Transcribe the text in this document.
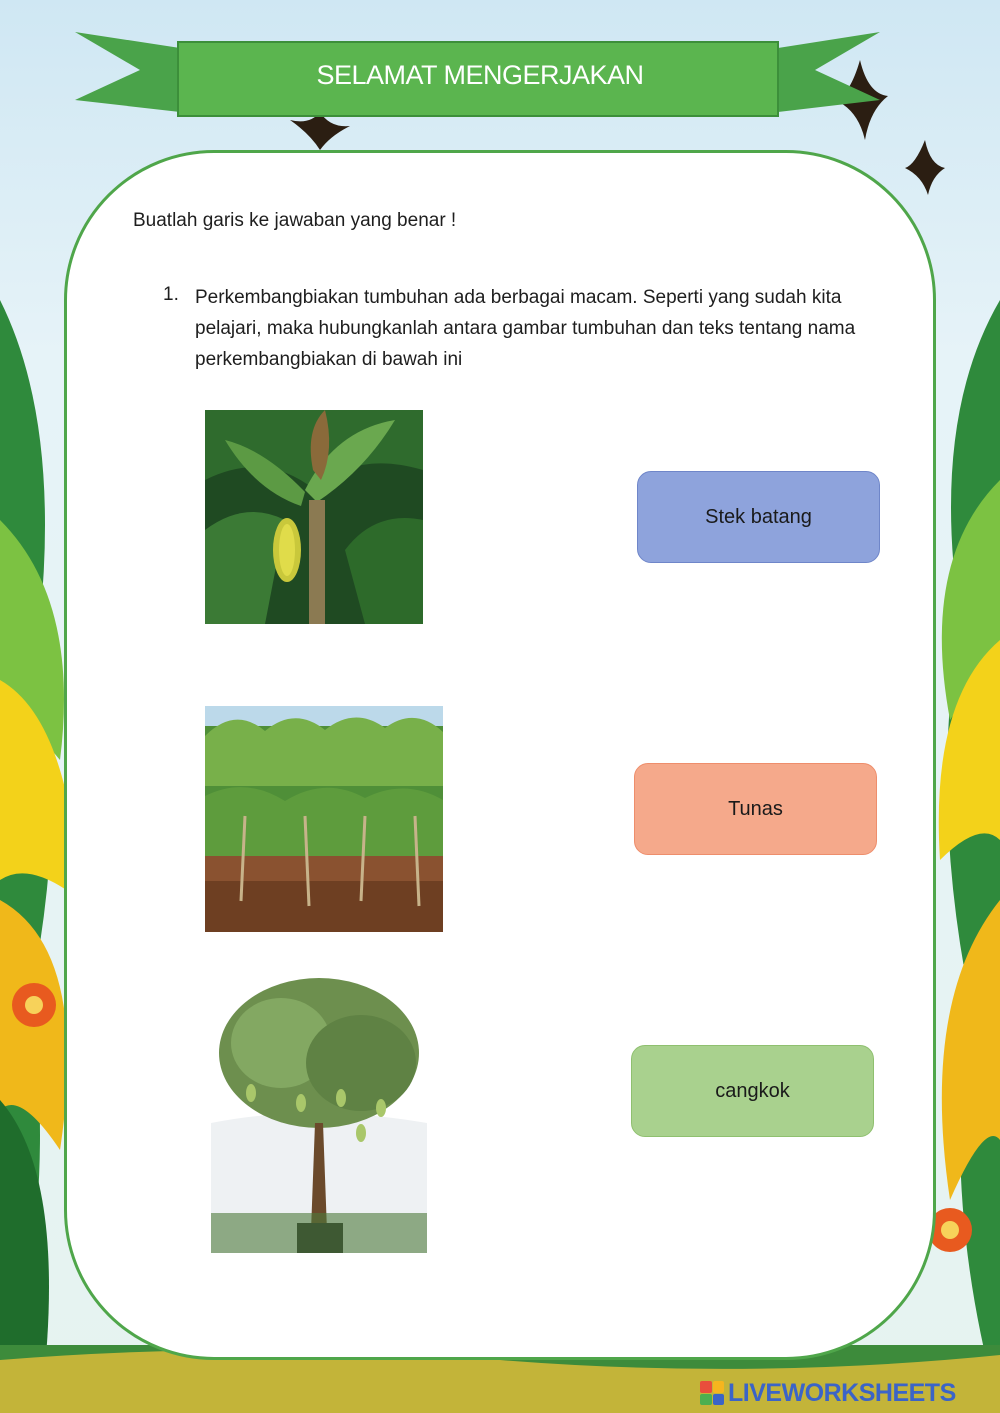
SELAMAT MENGERJAKAN
Buatlah garis ke jawaban yang benar !
1. Perkembangbiakan tumbuhan ada berbagai macam. Seperti yang sudah kita pelajari, maka hubungkanlah antara gambar tumbuhan dan teks tentang nama perkembangbiakan di bawah ini
Stek batang
Tunas
cangkok
LIVEWORKSHEETS
